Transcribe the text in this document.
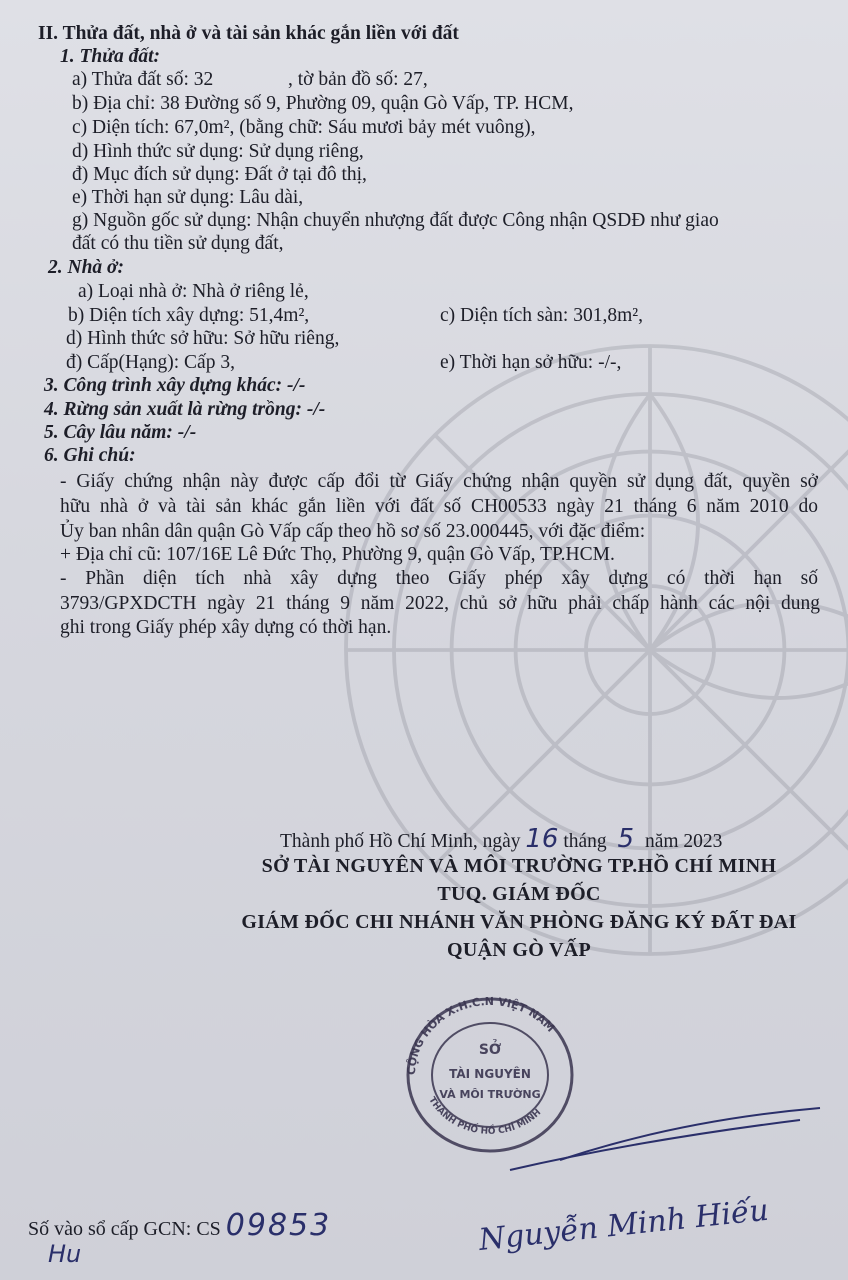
II. Thửa đất, nhà ở và tài sản khác gắn liền với đất
1. Thửa đất:
a) Thửa đất số: 32	, tờ bản đồ số: 27,
b) Địa chỉ: 38 Đường số 9, Phường 09, quận Gò Vấp, TP. HCM,
c) Diện tích: 67,0m², (bằng chữ: Sáu mươi bảy mét vuông),
d) Hình thức sử dụng: Sử dụng riêng,
đ) Mục đích sử dụng: Đất ở tại đô thị,
e) Thời hạn sử dụng: Lâu dài,
g) Nguồn gốc sử dụng: Nhận chuyển nhượng đất được Công nhận QSDĐ như giao
đất có thu tiền sử dụng đất,
2. Nhà ở:
a) Loại nhà ở: Nhà ở riêng lẻ,
b) Diện tích xây dựng: 51,4m²,	c) Diện tích sàn: 301,8m²,
d) Hình thức sở hữu: Sở hữu riêng,
đ) Cấp(Hạng): Cấp 3,	e) Thời hạn sở hữu: -/-,
3. Công trình xây dựng khác: -/-
4. Rừng sản xuất là rừng trồng: -/-
5. Cây lâu năm: -/-
6. Ghi chú:
- Giấy chứng nhận này được cấp đổi từ Giấy chứng nhận quyền sử dụng đất, quyền sở
hữu nhà ở và tài sản khác gắn liền với đất số CH00533 ngày 21 tháng 6 năm 2010 do
Ủy ban nhân dân quận Gò Vấp cấp theo hồ sơ số 23.000445, với đặc điểm:
+ Địa chỉ cũ: 107/16E Lê Đức Thọ, Phường 9, quận Gò Vấp, TP.HCM.
- Phần diện tích nhà xây dựng theo Giấy phép xây dựng có thời hạn số
3793/GPXDCTH ngày 21 tháng 9 năm 2022, chủ sở hữu phải chấp hành các nội dung
ghi trong Giấy phép xây dựng có thời hạn.
Thành phố Hồ Chí Minh, ngày 16 tháng 5 năm 2023
SỞ TÀI NGUYÊN VÀ MÔI TRƯỜNG TP.HỒ CHÍ MINH
TUQ. GIÁM ĐỐC
GIÁM ĐỐC CHI NHÁNH VĂN PHÒNG ĐĂNG KÝ ĐẤT ĐAI
QUẬN GÒ VẤP
CỘNG HÒA X.H.C.N VIỆT NAM
THÀNH PHỐ HỒ CHÍ MINH
SỞ
TÀI NGUYÊN
VÀ MÔI TRƯỜNG
Nguyễn Minh Hiếu
Số vào sổ cấp GCN: CS 09853
Hu
